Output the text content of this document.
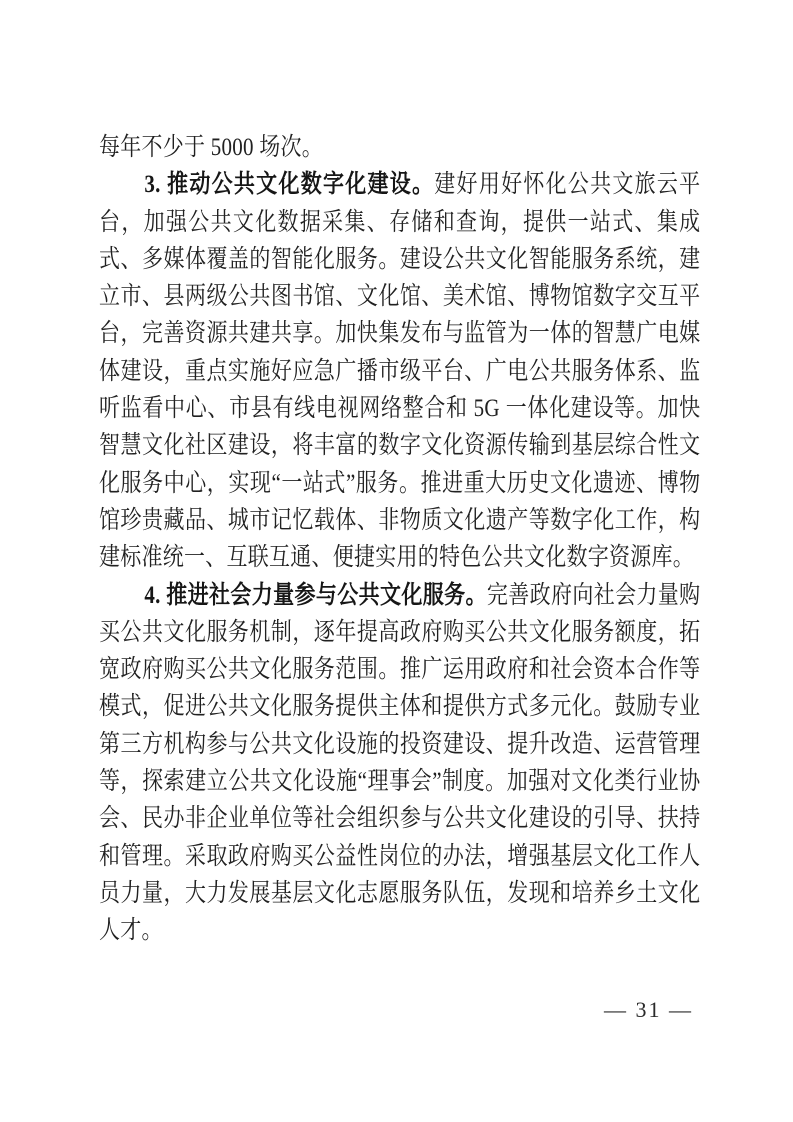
每年不少于 5000 场次。

3. 推动公共文化数字化建设。建好用好怀化公共文旅云平台，加强公共文化数据采集、存储和查询，提供一站式、集成式、多媒体覆盖的智能化服务。建设公共文化智能服务系统，建立市、县两级公共图书馆、文化馆、美术馆、博物馆数字交互平台，完善资源共建共享。加快集发布与监管为一体的智慧广电媒体建设，重点实施好应急广播市级平台、广电公共服务体系、监听监看中心、市县有线电视网络整合和 5G 一体化建设等。加快智慧文化社区建设，将丰富的数字文化资源传输到基层综合性文化服务中心，实现“一站式”服务。推进重大历史文化遗迹、博物馆珍贵藏品、城市记忆载体、非物质文化遗产等数字化工作，构建标准统一、互联互通、便捷实用的特色公共文化数字资源库。

4. 推进社会力量参与公共文化服务。完善政府向社会力量购买公共文化服务机制，逐年提高政府购买公共文化服务额度，拓宽政府购买公共文化服务范围。推广运用政府和社会资本合作等模式，促进公共文化服务提供主体和提供方式多元化。鼓励专业第三方机构参与公共文化设施的投资建设、提升改造、运营管理等，探索建立公共文化设施“理事会”制度。加强对文化类行业协会、民办非企业单位等社会组织参与公共文化建设的引导、扶持和管理。采取政府购买公益性岗位的办法，增强基层文化工作人员力量，大力发展基层文化志愿服务队伍，发现和培养乡土文化人才。

— 31 —
